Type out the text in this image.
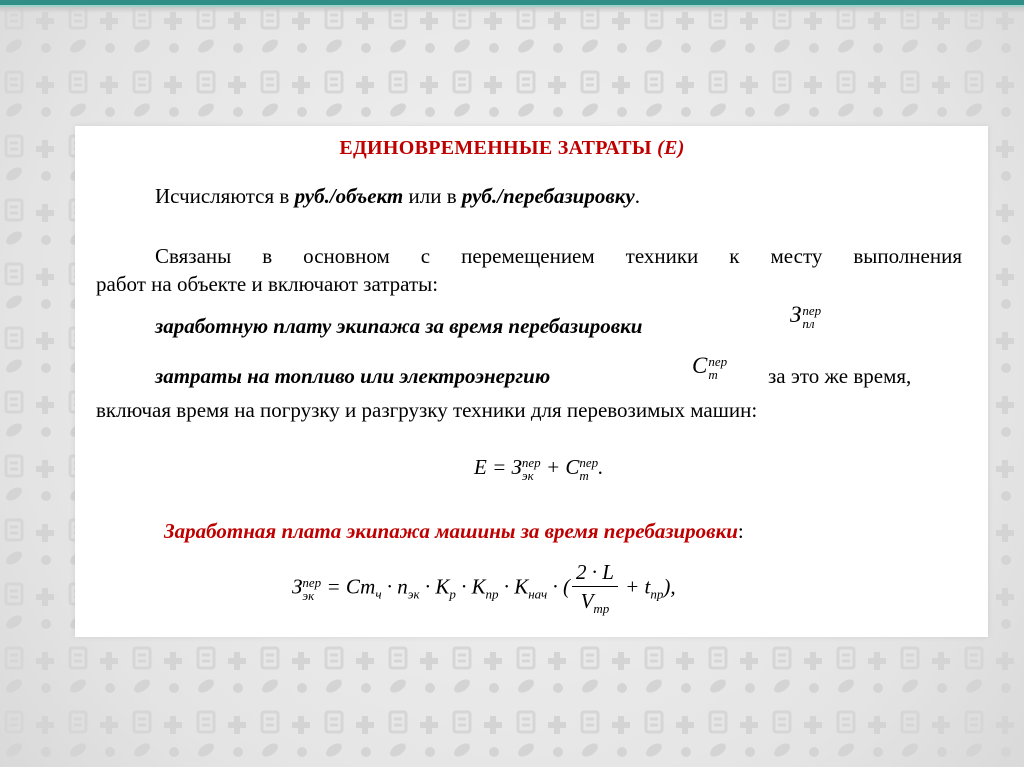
ЕДИНОВРЕМЕННЫЕ ЗАТРАТЫ (Е)
Исчисляются в руб./объект или в руб./перебазировку.
Связаны в основном с перемещением техники к месту выполнения
работ на объекте и включают затраты:
заработную плату экипажа за время перебазировки	З пер
пл
затраты на топливо или электроэнергию	С пер
т	за это же время,
включая время на погрузку и разгрузку техники для перевозимых машин:
Е = З пер
эк + С пер
т .
Заработная плата экипажа машины за время перебазировки:
З пер
эк = $Ст_ч \cdot n_{эк} \cdot К_р \cdot К_{пр} \cdot К_{нач}$ · ( $\frac{2 \cdot L}{V_{тр}} + t_{пр}$),
